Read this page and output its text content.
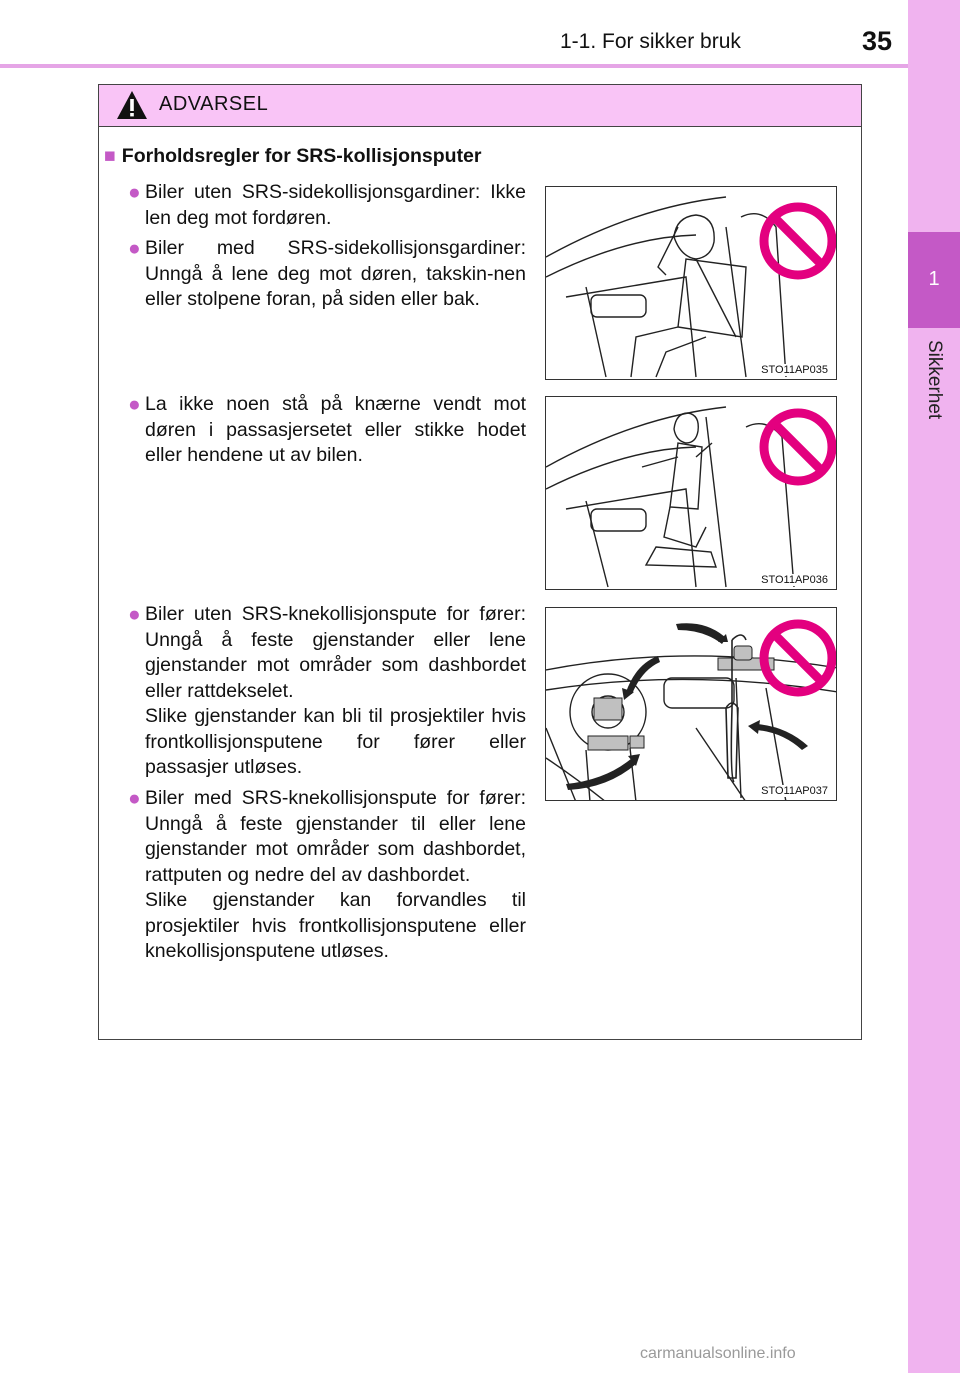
1-1. For sikker bruk	35
1
Sikkerhet
ADVARSEL
■ Forholdsregler for SRS-kollisjonsputer
● Biler uten SRS-sidekollisjonsgardiner: Ikke len deg mot fordøren.

● Biler med SRS-sidekollisjonsgardiner: Unngå å lene deg mot døren, takskin-nen eller stolpene foran, på siden eller bak.

● La ikke noen stå på knærne vendt mot døren i passasjersetet eller stikke hodet eller hendene ut av bilen.

● Biler uten SRS-knekollisjonspute for fører: Unngå å feste gjenstander eller lene gjenstander mot områder som dashbordet eller rattdekselet.

Slike gjenstander kan bli til prosjektiler hvis frontkollisjonsputene for fører eller passasjer utløses.

● Biler med SRS-knekollisjonspute for fører: Unngå å feste gjenstander til eller lene gjenstander mot områder som dashbordet, rattputen og nedre del av dashbordet.

Slike gjenstander kan forvandles til prosjektiler hvis frontkollisjonsputene eller knekollisjonsputene utløses.

STO11AP035
STO11AP036
STO11AP037
carmanualsonline.info
